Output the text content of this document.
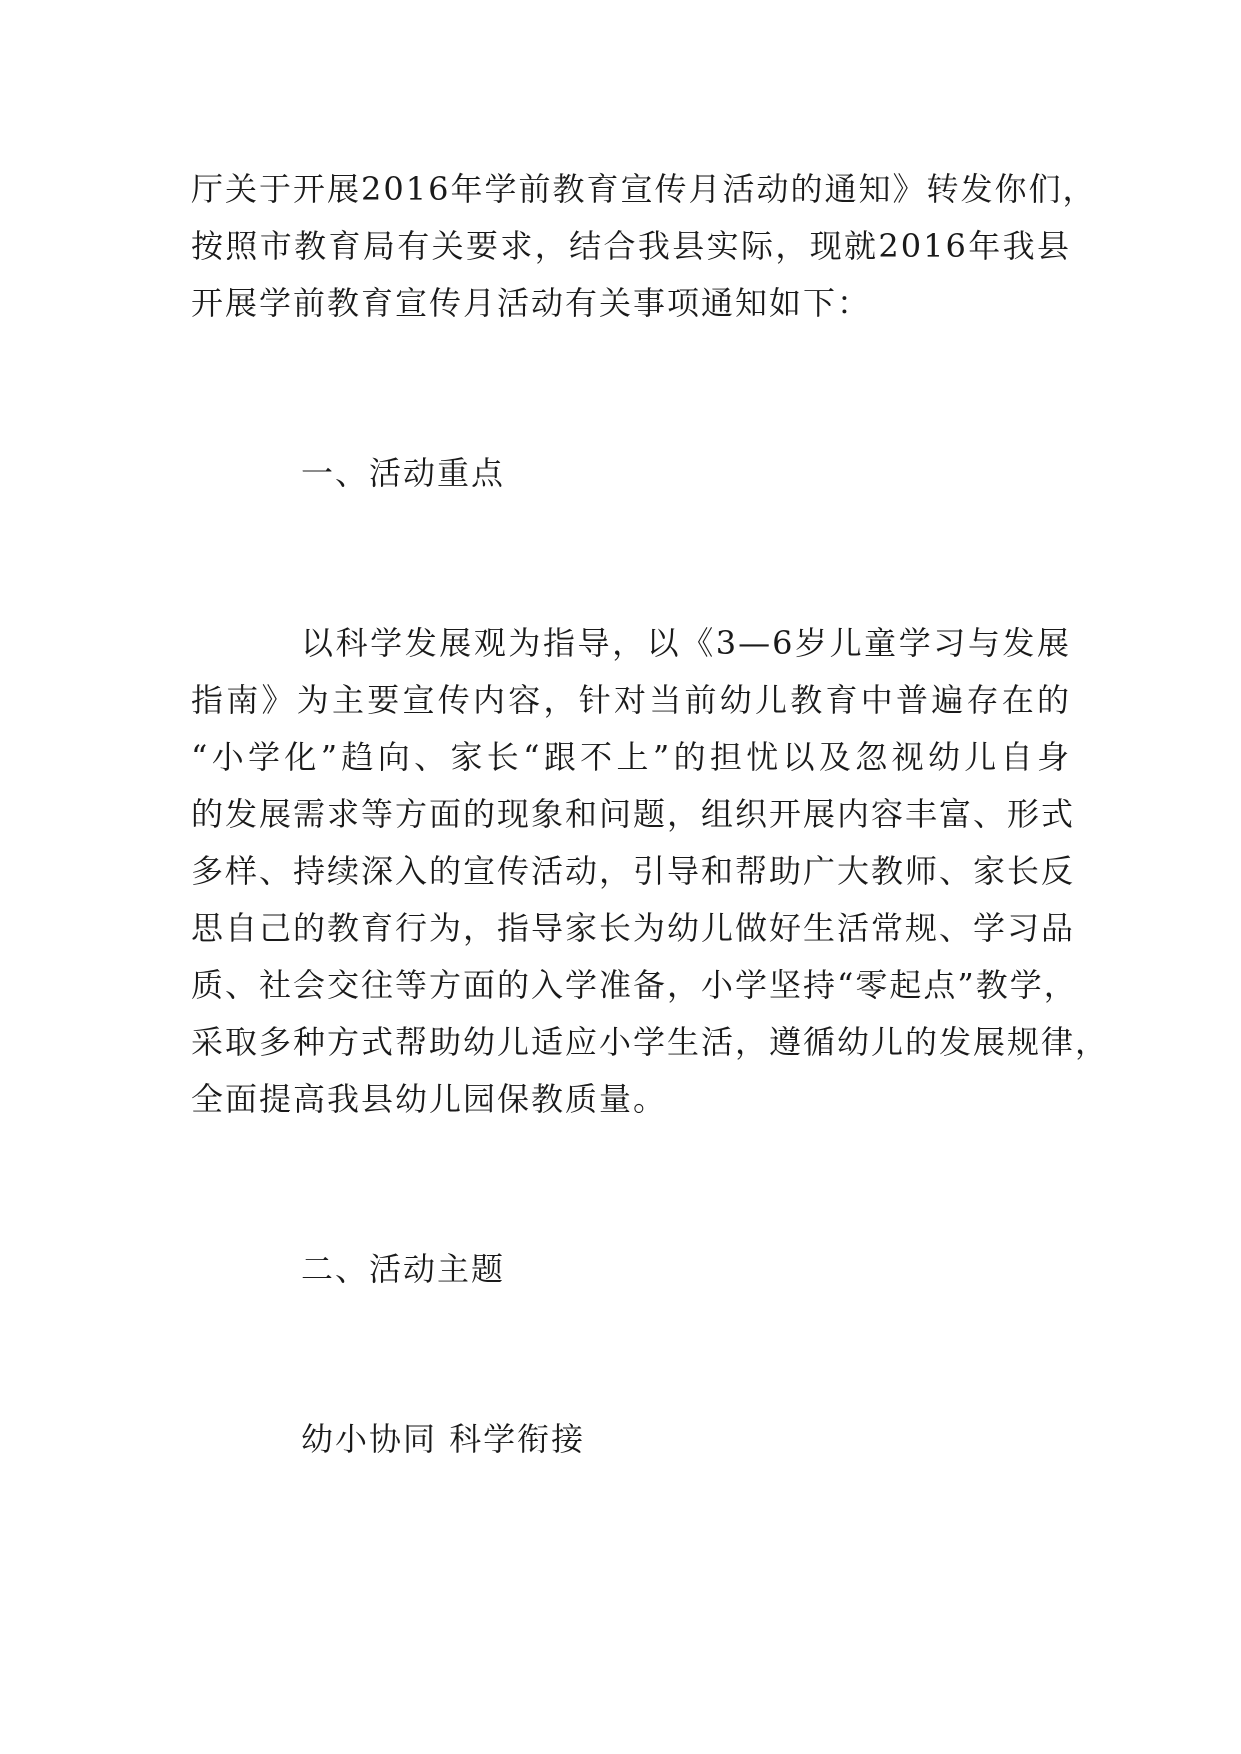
厅关于开展2016年学前教育宣传月活动的通知》转发你们，
按照市教育局有关要求，结合我县实际，现就2016年我县
开展学前教育宣传月活动有关事项通知如下：
一、活动重点
以科学发展观为指导，以《3—6岁儿童学习与发展
指南》为主要宣传内容，针对当前幼儿教育中普遍存在的
“小学化”趋向、家长“跟不上”的担忧以及忽视幼儿自身
的发展需求等方面的现象和问题，组织开展内容丰富、形式
多样、持续深入的宣传活动，引导和帮助广大教师、家长反
思自己的教育行为，指导家长为幼儿做好生活常规、学习品
质、社会交往等方面的入学准备，小学坚持“零起点”教学，
采取多种方式帮助幼儿适应小学生活，遵循幼儿的发展规律，
全面提高我县幼儿园保教质量。
二、活动主题
幼小协同 科学衔接
